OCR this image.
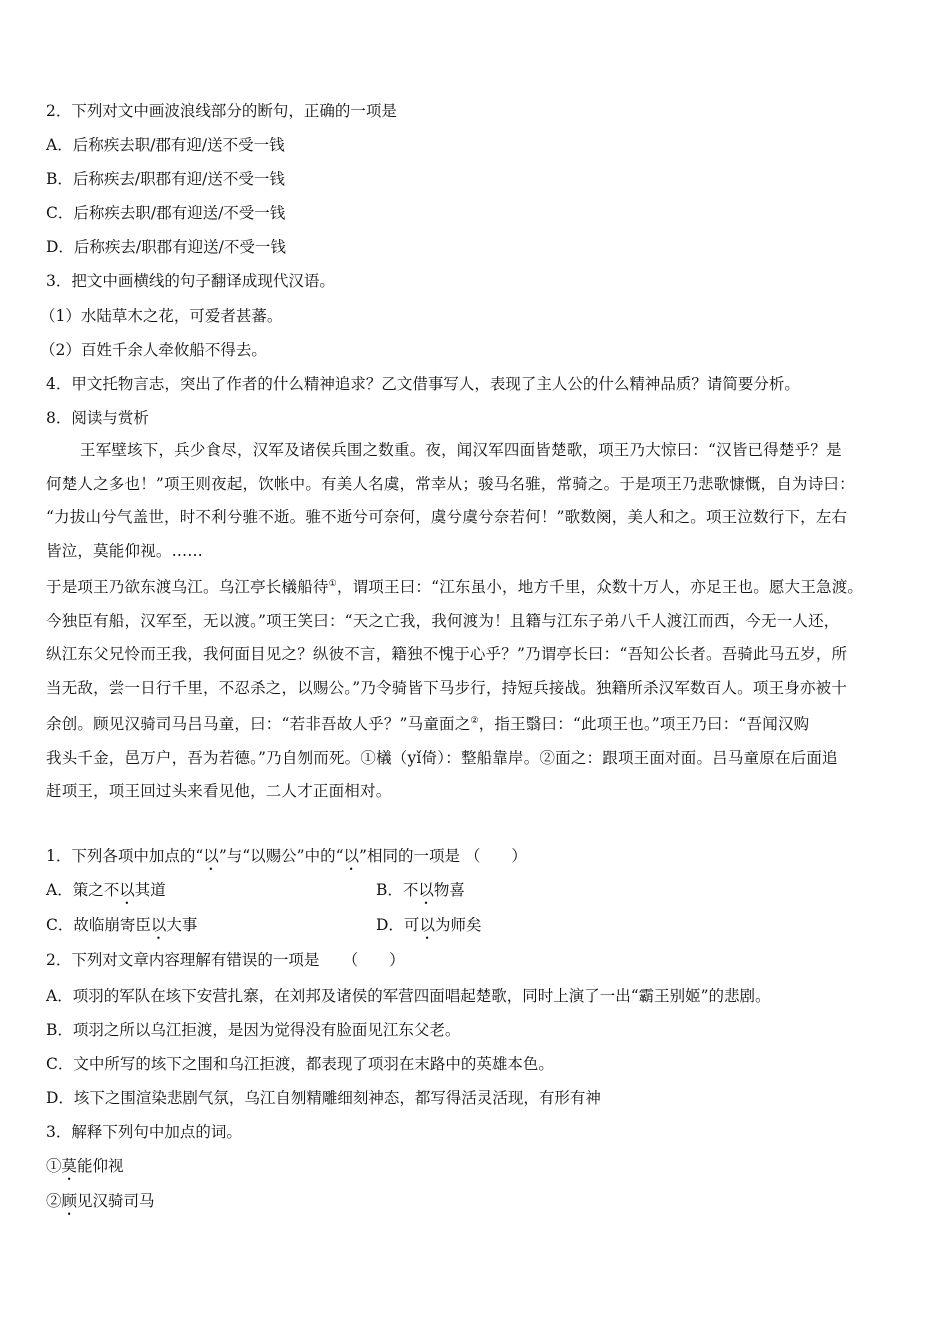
2．下列对文中画波浪线部分的断句，正确的一项是
A．后称疾去职/郡有迎/送不受一钱
B．后称疾去/职郡有迎/送不受一钱
C．后称疾去职/郡有迎送/不受一钱
D．后称疾去/职郡有迎送/不受一钱
3．把文中画横线的句子翻译成现代汉语。
（1）水陆草木之花，可爱者甚蕃。
（2）百姓千余人牵攸船不得去。
4．甲文托物言志，突出了作者的什么精神追求？乙文借事写人，表现了主人公的什么精神品质？请简要分析。
8．阅读与赏析

王军壁垓下，兵少食尽，汉军及诸侯兵围之数重。夜，闻汉军四面皆楚歌，项王乃大惊曰：“汉皆已得楚乎？是

何楚人之多也！”项王则夜起，饮帐中。有美人名虞，常幸从；骏马名骓，常骑之。于是项王乃悲歌慷慨，自为诗曰：

“力拔山兮气盖世，时不利兮骓不逝。骓不逝兮可奈何，虞兮虞兮奈若何！”歌数阕，美人和之。项王泣数行下，左右

皆泣，莫能仰视。……

于是项王乃欲东渡乌江。乌江亭长檥船待①，谓项王曰：“江东虽小，地方千里，众数十万人，亦足王也。愿大王急渡。

今独臣有船，汉军至，无以渡。”项王笑曰：“天之亡我，我何渡为！且籍与江东子弟八千人渡江而西，今无一人还，

纵江东父兄怜而王我，我何面目见之？纵彼不言，籍独不愧于心乎？”乃谓亭长曰：“吾知公长者。吾骑此马五岁，所

当无敌，尝一日行千里，不忍杀之，以赐公。”乃令骑皆下马步行，持短兵接战。独籍所杀汉军数百人。项王身亦被十

余创。顾见汉骑司马吕马童，曰：“若非吾故人乎？”马童面之②，指王翳曰：“此项王也。”项王乃曰：“吾闻汉购

我头千金，邑万户，吾为若德。”乃自刎而死。①檥（yǐ倚）：整船靠岸。②面之：跟项王面对面。吕马童原在后面追

赶项王，项王回过头来看见他，二人才正面相对。

1．下列各项中加点的“以”与“以赐公”中的“以”相同的一项是 （　　）
A．策之不以其道	B．不以物喜
C．故临崩寄臣以大事	D．可以为师矣
2．下列对文章内容理解有错误的一项是　　（　　）
A．项羽的军队在垓下安营扎寨，在刘邦及诸侯的军营四面唱起楚歌，同时上演了一出“霸王别姬”的悲剧。
B．项羽之所以乌江拒渡，是因为觉得没有脸面见江东父老。
C．文中所写的垓下之围和乌江拒渡，都表现了项羽在末路中的英雄本色。
D．垓下之围渲染悲剧气氛，乌江自刎精雕细刻神态，都写得活灵活现，有形有神
3．解释下列句中加点的词。
①莫能仰视
②顾见汉骑司马
